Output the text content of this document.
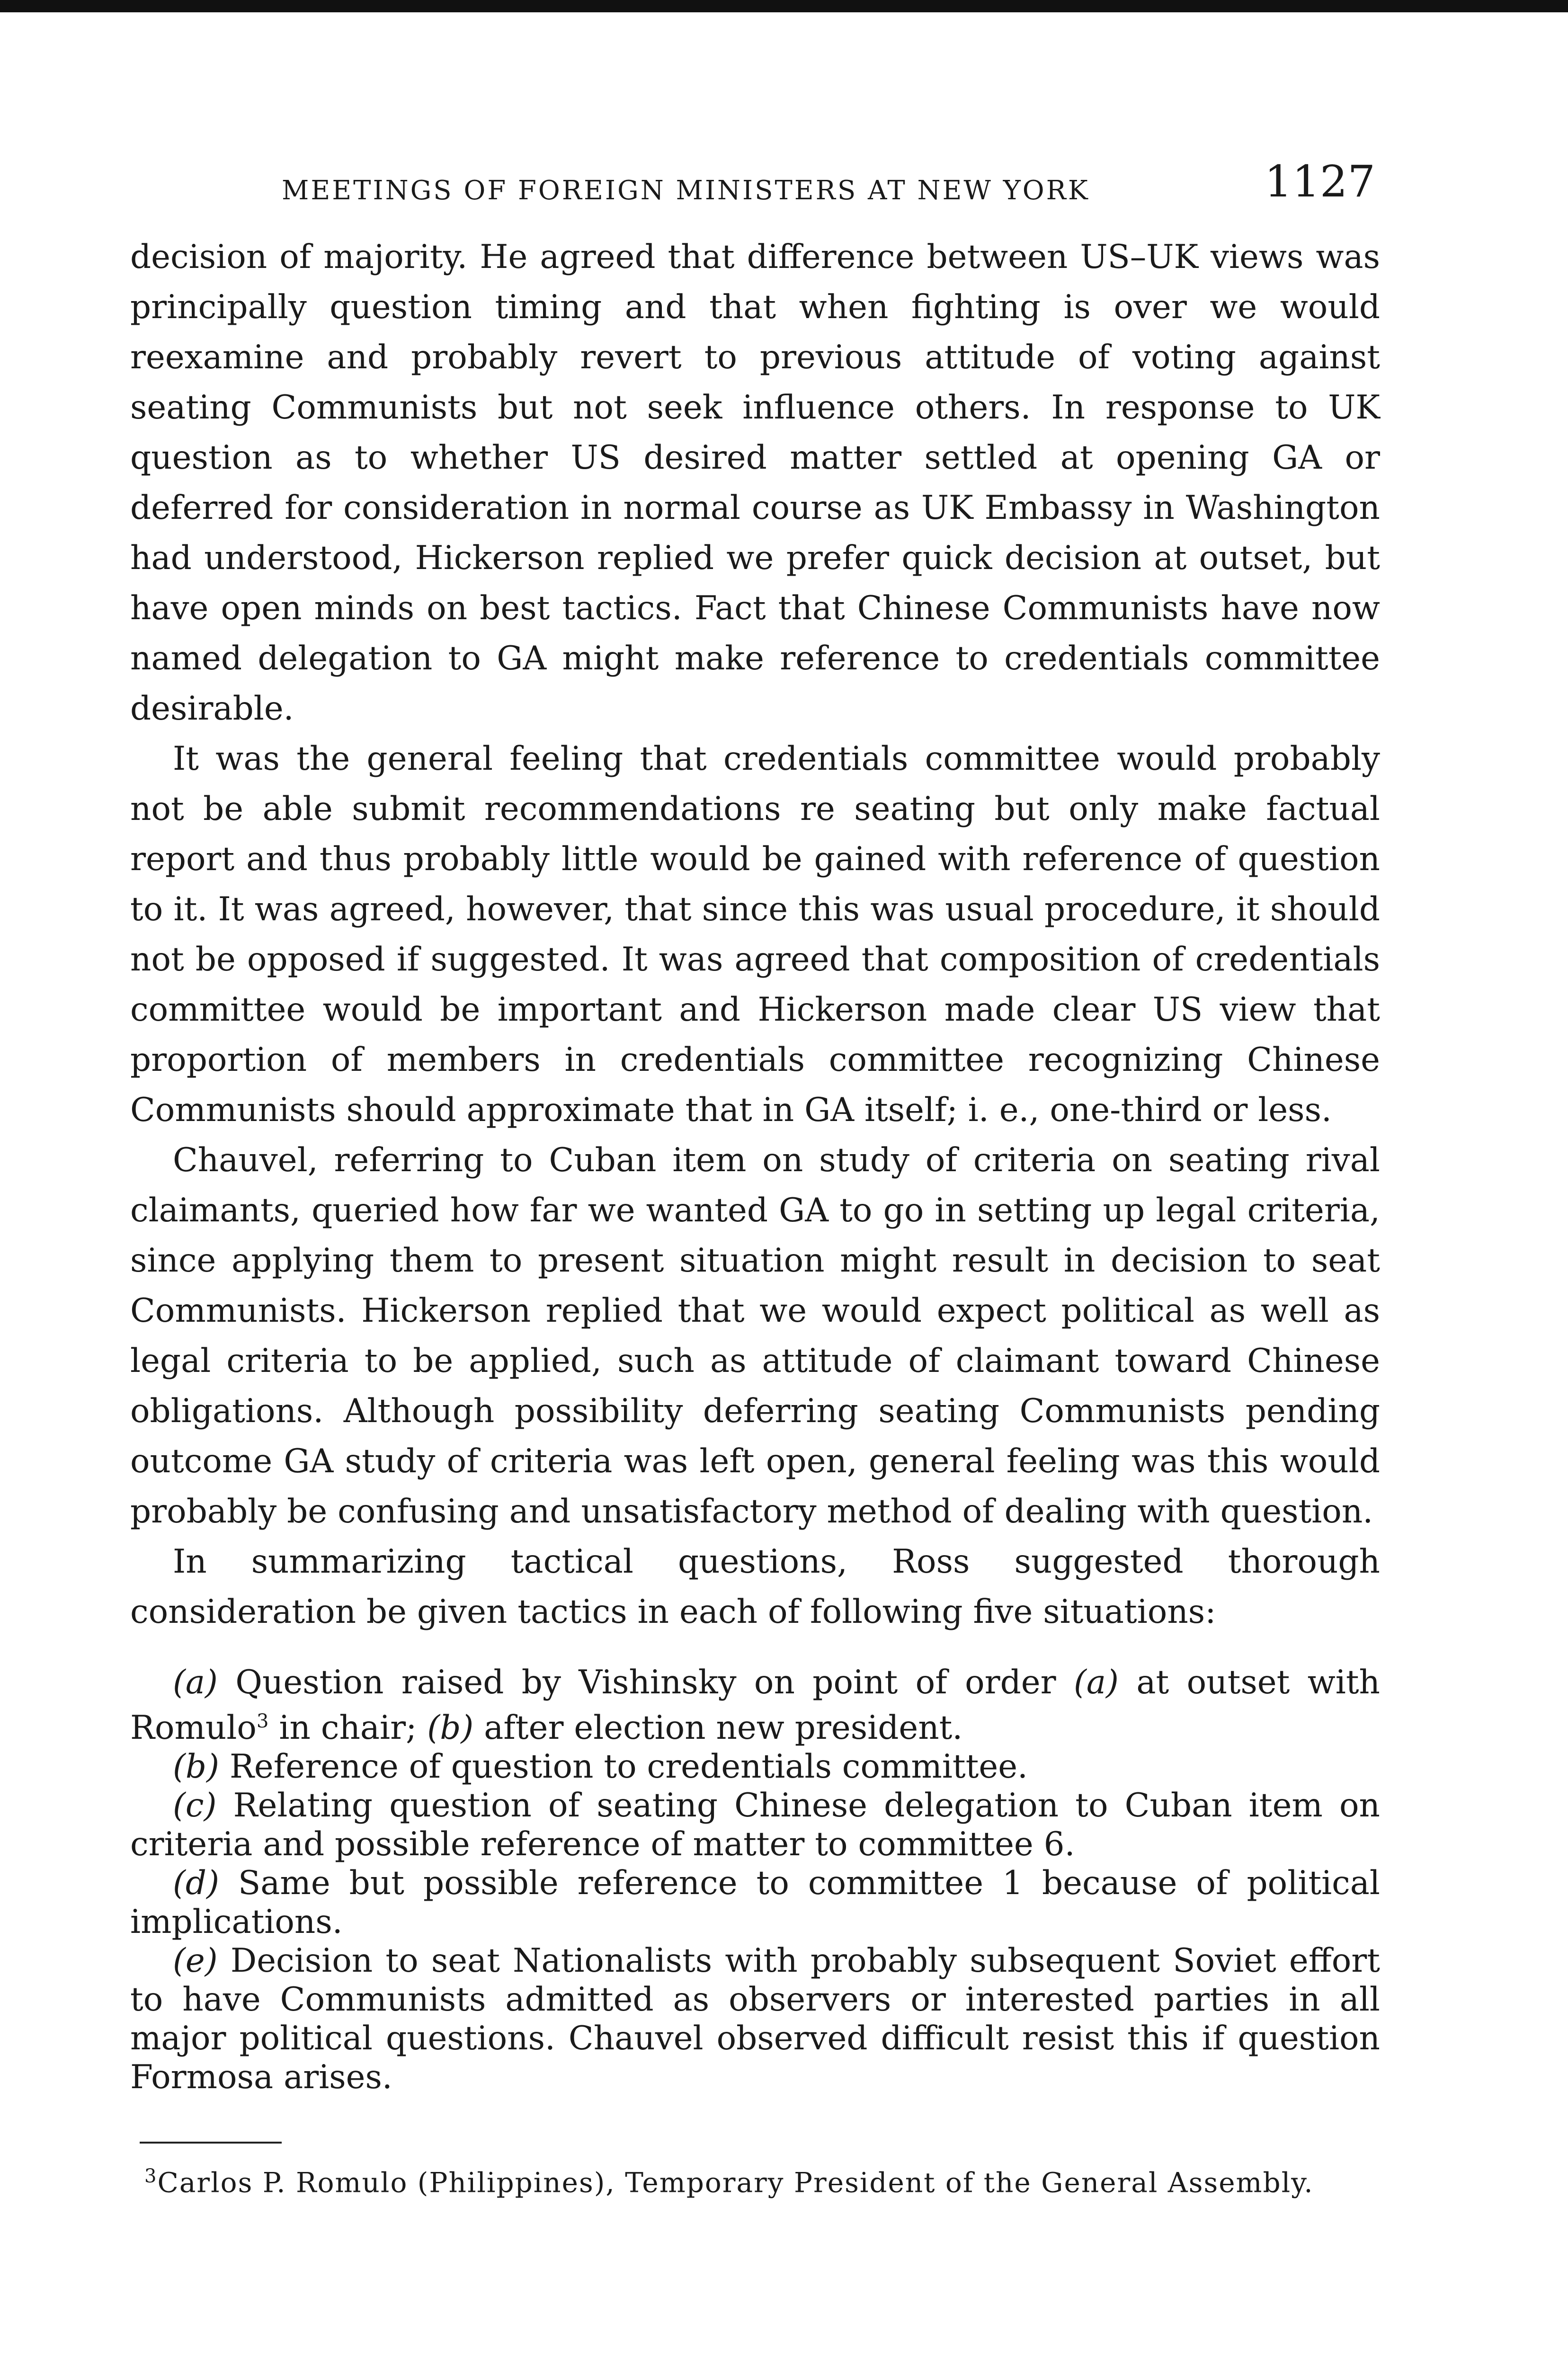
MEETINGS OF FOREIGN MINISTERS AT NEW YORK	1127

decision of majority. He agreed that difference between US–UK views was principally question timing and that when fighting is over we would reexamine and probably revert to previous attitude of voting against seating Communists but not seek influence others. In response to UK question as to whether US desired matter settled at opening GA or deferred for consideration in normal course as UK Embassy in Washington had understood, Hickerson replied we prefer quick decision at outset, but have open minds on best tactics. Fact that Chinese Communists have now named delegation to GA might make reference to credentials committee desirable.

It was the general feeling that credentials committee would probably not be able submit recommendations re seating but only make factual report and thus probably little would be gained with reference of question to it. It was agreed, however, that since this was usual procedure, it should not be opposed if suggested. It was agreed that composition of credentials committee would be important and Hickerson made clear US view that proportion of members in credentials committee recognizing Chinese Communists should approximate that in GA itself; i. e., one-third or less.

Chauvel, referring to Cuban item on study of criteria on seating rival claimants, queried how far we wanted GA to go in setting up legal criteria, since applying them to present situation might result in decision to seat Communists. Hickerson replied that we would expect political as well as legal criteria to be applied, such as attitude of claimant toward Chinese obligations. Although possibility deferring seating Communists pending outcome GA study of criteria was left open, general feeling was this would probably be confusing and unsatisfactory method of dealing with question.

In summarizing tactical questions, Ross suggested thorough consideration be given tactics in each of following five situations:

(a) Question raised by Vishinsky on point of order (a) at outset with Romulo$^3$ in chair; (b) after election new president.

(b) Reference of question to credentials committee.

(c) Relating question of seating Chinese delegation to Cuban item on criteria and possible reference of matter to committee 6.

(d) Same but possible reference to committee 1 because of political implications.

(e) Decision to seat Nationalists with probably subsequent Soviet effort to have Communists admitted as observers or interested parties in all major political questions. Chauvel observed difficult resist this if question Formosa arises.

$^3$Carlos P. Romulo (Philippines), Temporary President of the General Assembly.
